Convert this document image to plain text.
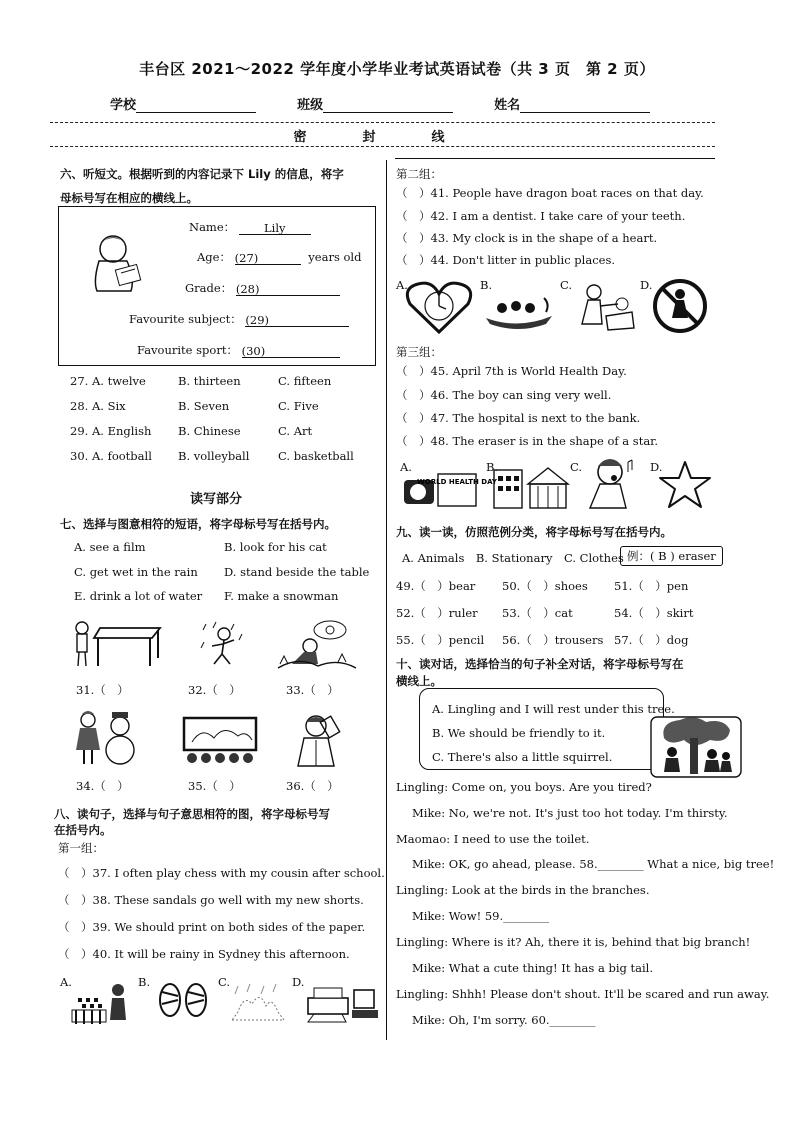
丰台区 2021～2022 学年度小学毕业考试英语试卷（共 3 页　第 2 页）
学校	班级	姓名
密封线
六、听短文。根据听到的内容记录下 Lily 的信息，将字
母标号写在相应的横线上。
Name：	Lily
Age： (27)	years old
Grade： (28)
Favourite subject： (29)
Favourite sport： (30)
27. A. twelve	B. thirteen	C. fifteen
28. A. Six	B. Seven	C. Five
29. A. English B. Chinese	C. Art
30. A. football B. volleyball	C. basketball
读写部分
七、选择与图意相符的短语，将字母标号写在括号内。
A. see a film	B. look for his cat
C. get wet in the rain D. stand beside the table
E. drink a lot of water F. make a snowman
31.（　）	32.（　）	33.（　）
34.（　）	35.（　）	36.（　）
八、读句子，选择与句子意思相符的图，将字母标号写
在括号内。
第一组：
（　）37. I often play chess with my cousin after school.
（　）38. These sandals go well with my new shorts.
（　）39. We should print on both sides of the paper.
（　）40. It will be rainy in Sydney this afternoon.
A.	B.	C.	D.
第二组：
（　）41. People have dragon boat races on that day.
（　）42. I am a dentist. I take care of your teeth.
（　）43. My clock is in the shape of a heart.
（　）44. Don't litter in public places.
A.	B.	C.	D.
第三组：
（　）45. April 7th is World Health Day.
（　）46. The boy can sing very well.
（　）47. The hospital is next to the bank.
（　）48. The eraser is in the shape of a star.
A.
WORLD HEALTH DAY
B.	C.	D.
九、读一读，仿照范例分类，将字母标号写在括号内。
A. Animals　B. Stationary　C. Clothes 例：( B ) eraser
49.（　）bear 50.（　）shoes 51.（　）pen
52.（　）ruler 53.（　）cat	54.（　）skirt
55.（　）pencil 56.（　）trousers 57.（　）dog
十、读对话，选择恰当的句子补全对话，将字母标号写在
横线上。
A. Lingling and I will rest under this tree.
B. We should be friendly to it.
C. There's also a little squirrel.
Lingling: Come on, you boys. Are you tired?
Mike: No, we're not. It's just too hot today. I'm thirsty.
Maomao: I need to use the toilet.
Mike: OK, go ahead, please. 58.________ What a nice, big tree!
Lingling: Look at the birds in the branches.
Mike: Wow! 59.________
Lingling: Where is it? Ah, there it is, behind that big branch!
Mike: What a cute thing! It has a big tail.
Lingling: Shhh! Please don't shout. It'll be scared and run away.
Mike: Oh, I'm sorry. 60.________
